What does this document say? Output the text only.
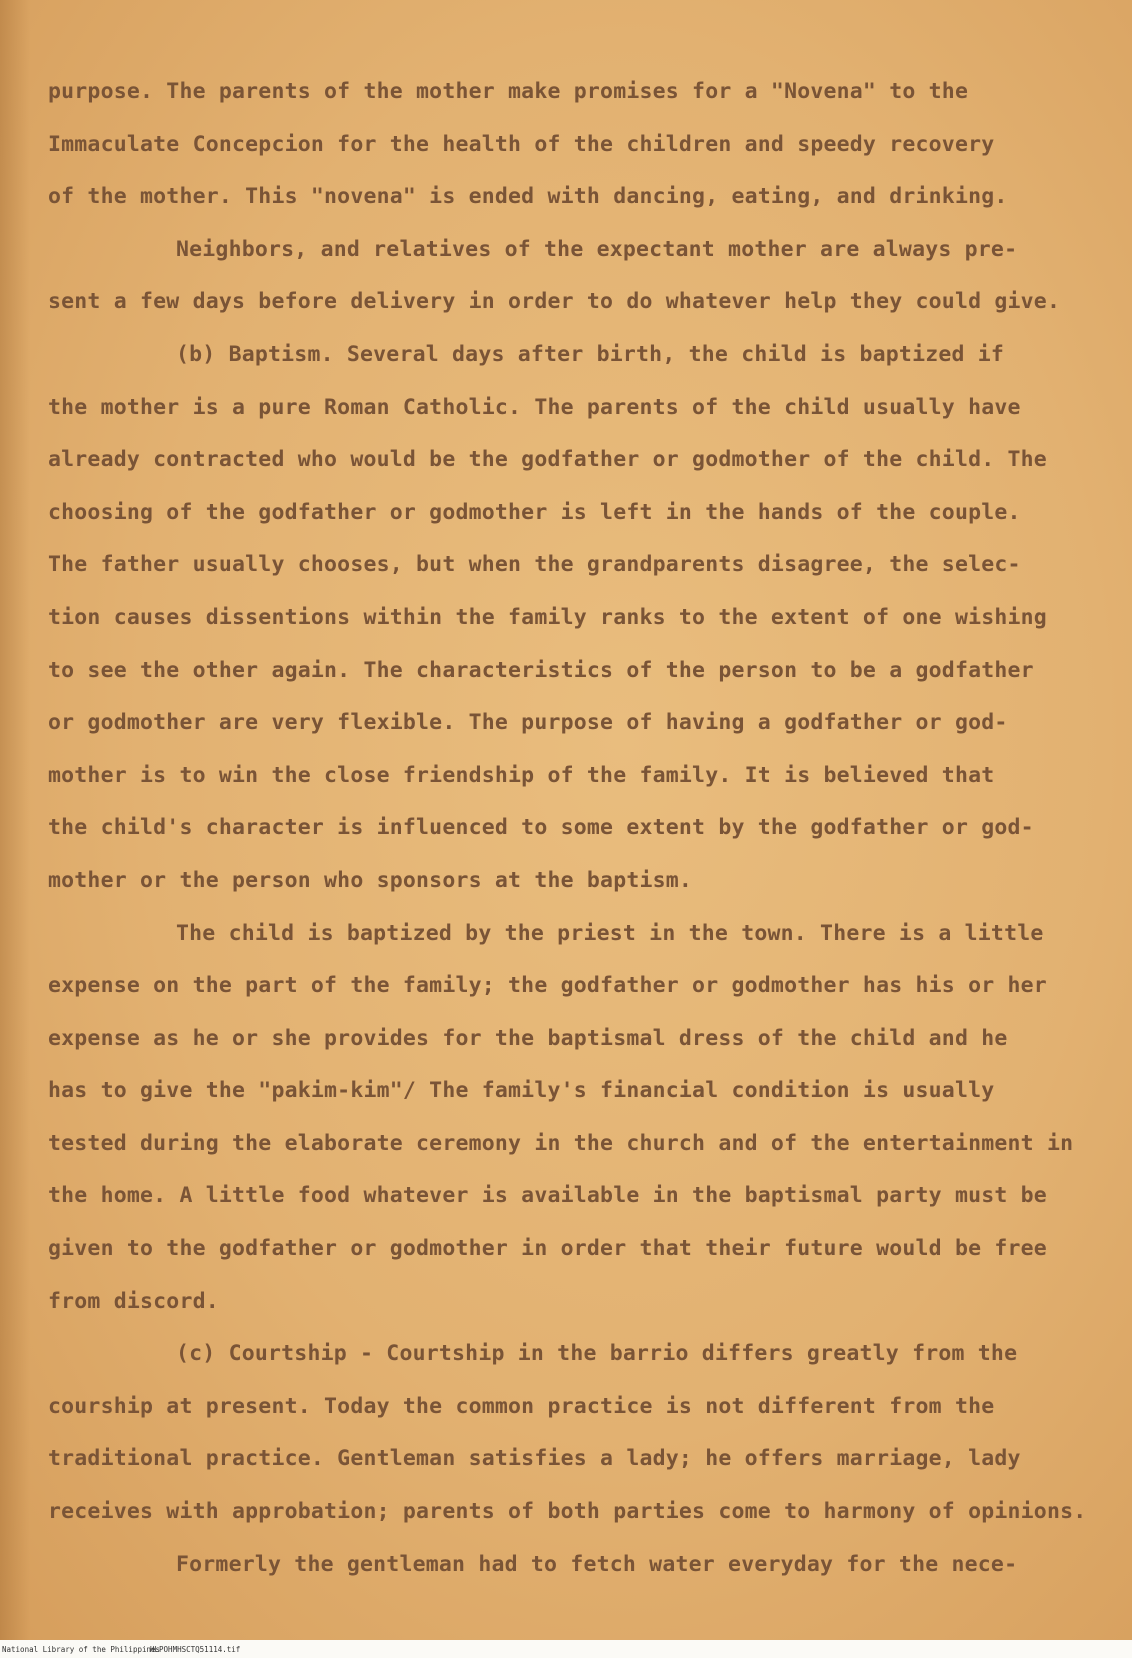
purpose. The parents of the mother make promises for a "Novena" to the
Immaculate Concepcion for the health of the children and speedy recovery
of the mother. This "novena" is ended with dancing, eating, and drinking.
Neighbors, and relatives of the expectant mother are always pre-
sent a few days before delivery in order to do whatever help they could give.
(b) Baptism. Several days after birth, the child is baptized if
the mother is a pure Roman Catholic. The parents of the child usually have
already contracted who would be the godfather or godmother of the child. The
choosing of the godfather or godmother is left in the hands of the couple.
The father usually chooses, but when the grandparents disagree, the selec-
tion causes dissentions within the family ranks to the extent of one wishing
to see the other again. The characteristics of the person to be a godfather
or godmother are very flexible. The purpose of having a godfather or god-
mother is to win the close friendship of the family. It is believed that
the child's character is influenced to some extent by the godfather or god-
mother or the person who sponsors at the baptism.
The child is baptized by the priest in the town. There is a little
expense on the part of the family; the godfather or godmother has his or her
expense as he or she provides for the baptismal dress of the child and he
has to give the "pakim-kim"/ The family's financial condition is usually
tested during the elaborate ceremony in the church and of the entertainment in
the home. A little food whatever is available in the baptismal party must be
given to the godfather or godmother in order that their future would be free
from discord.
(c) Courtship - Courtship in the barrio differs greatly from the
courship at present. Today the common practice is not different from the
traditional practice. Gentleman satisfies a lady; he offers marriage, lady
receives with approbation; parents of both parties come to harmony of opinions.
Formerly the gentleman had to fetch water everyday for the nece-
National Library of the Philippines
HLPOHMHSCTQ51114.tif
